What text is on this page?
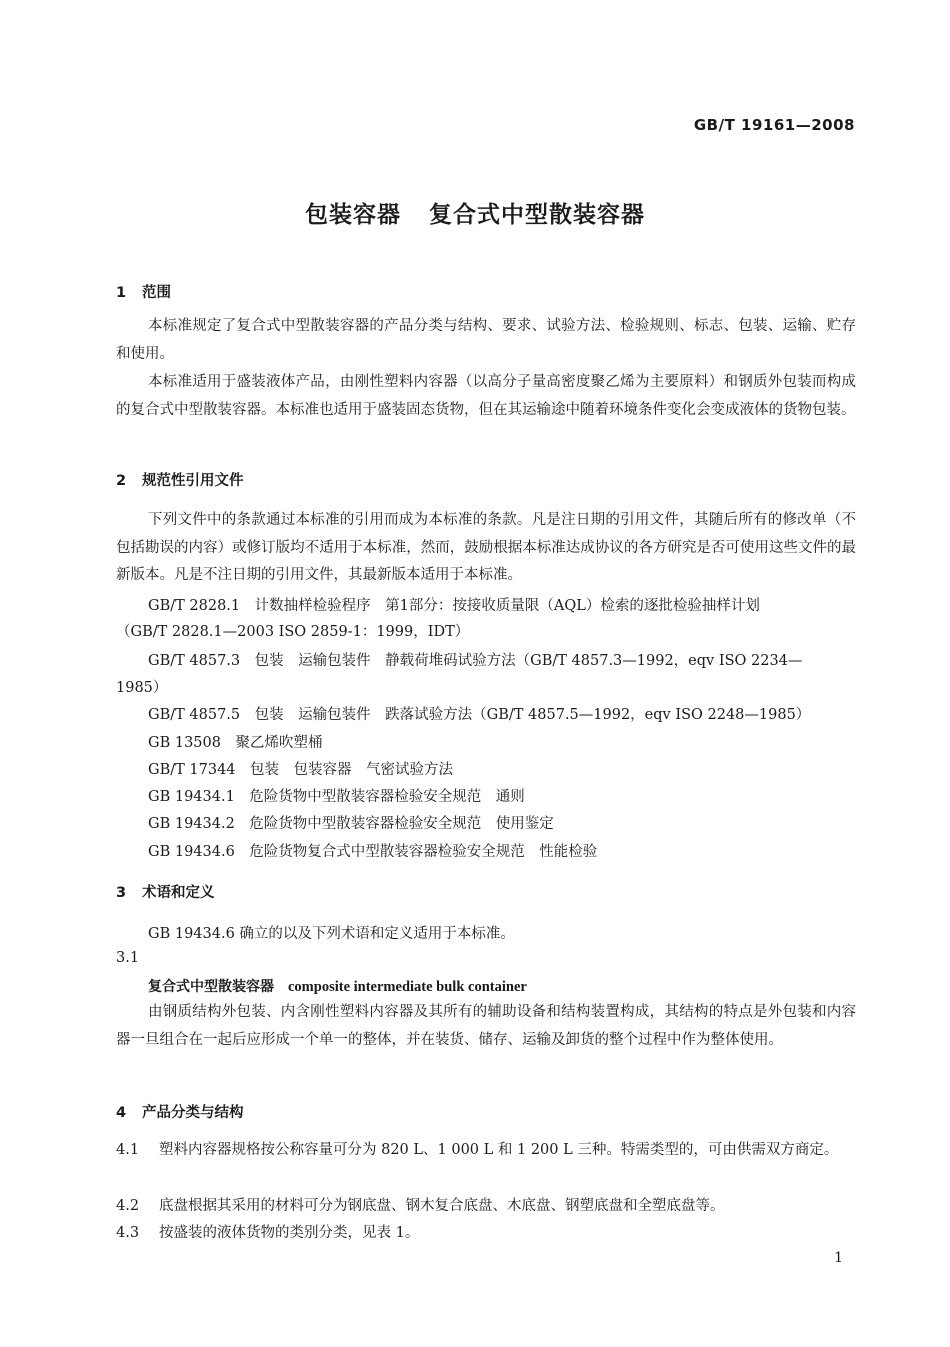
GB/T 19161—2008
包装容器 复合式中型散装容器
1 范围
本标准规定了复合式中型散装容器的产品分类与结构、要求、试验方法、检验规则、标志、包装、运输、贮存和使用。
本标准适用于盛装液体产品，由刚性塑料内容器（以高分子量高密度聚乙烯为主要原料）和钢质外包装而构成的复合式中型散装容器。本标准也适用于盛装固态货物，但在其运输途中随着环境条件变化会变成液体的货物包装。
2 规范性引用文件
下列文件中的条款通过本标准的引用而成为本标准的条款。凡是注日期的引用文件，其随后所有的修改单（不包括勘误的内容）或修订版均不适用于本标准，然而，鼓励根据本标准达成协议的各方研究是否可使用这些文件的最新版本。凡是不注日期的引用文件，其最新版本适用于本标准。
GB/T 2828.1　计数抽样检验程序　第1部分：按接收质量限（AQL）检索的逐批检验抽样计划
（GB/T 2828.1—2003 ISO 2859-1：1999，IDT）
GB/T 4857.3　包装　运输包装件　静载荷堆码试验方法（GB/T 4857.3—1992，eqv ISO 2234—
1985）
GB/T 4857.5　包装　运输包装件　跌落试验方法（GB/T 4857.5—1992，eqv ISO 2248—1985）
GB 13508　聚乙烯吹塑桶
GB/T 17344　包装　包装容器　气密试验方法
GB 19434.1　危险货物中型散装容器检验安全规范　通则
GB 19434.2　危险货物中型散装容器检验安全规范　使用鉴定
GB 19434.6　危险货物复合式中型散装容器检验安全规范　性能检验
3 术语和定义
GB 19434.6 确立的以及下列术语和定义适用于本标准。
3.1
复合式中型散装容器 composite intermediate bulk container
由钢质结构外包装、内含刚性塑料内容器及其所有的辅助设备和结构装置构成，其结构的特点是外包装和内容器一旦组合在一起后应形成一个单一的整体，并在装货、储存、运输及卸货的整个过程中作为整体使用。
4 产品分类与结构
4.1 塑料内容器规格按公称容量可分为 820 L、1 000 L 和 1 200 L 三种。特需类型的，可由供需双方商定。
4.2 底盘根据其采用的材料可分为钢底盘、钢木复合底盘、木底盘、钢塑底盘和全塑底盘等。
4.3 按盛装的液体货物的类别分类，见表 1。
1
